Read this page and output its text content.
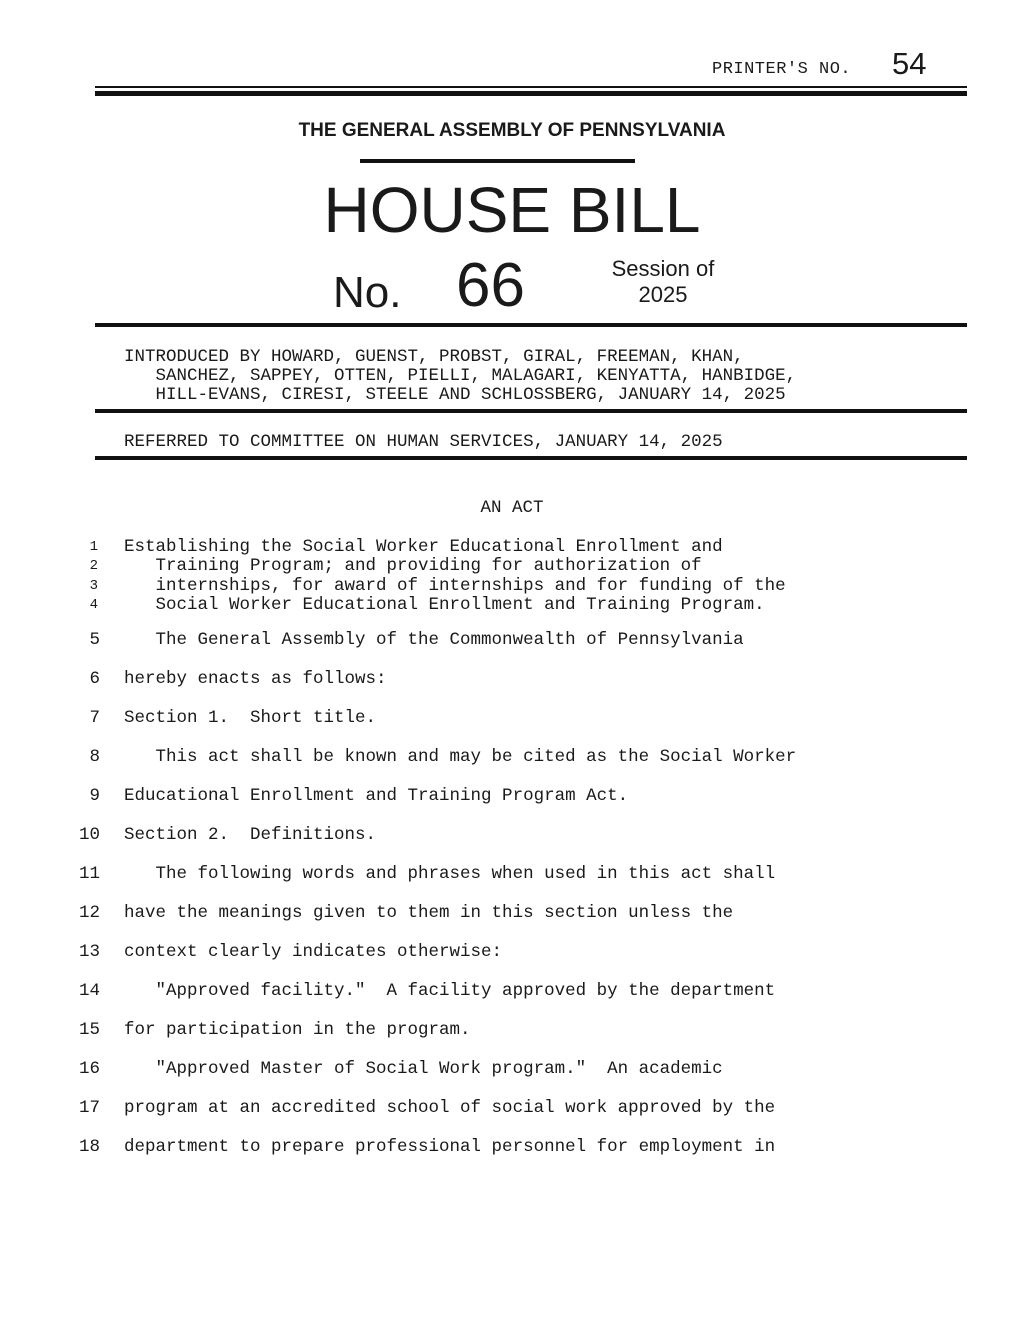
PRINTER'S NO. 54
THE GENERAL ASSEMBLY OF PENNSYLVANIA
HOUSE BILL
No. 66	Session of
2025
INTRODUCED BY HOWARD, GUENST, PROBST, GIRAL, FREEMAN, KHAN,
SANCHEZ, SAPPEY, OTTEN, PIELLI, MALAGARI, KENYATTA, HANBIDGE,
HILL-EVANS, CIRESI, STEELE AND SCHLOSSBERG, JANUARY 14, 2025
REFERRED TO COMMITTEE ON HUMAN SERVICES, JANUARY 14, 2025
AN ACT
1 Establishing the Social Worker Educational Enrollment and
2 Training Program; and providing for authorization of
3 internships, for award of internships and for funding of the
4 Social Worker Educational Enrollment and Training Program.
5 The General Assembly of the Commonwealth of Pennsylvania
6 hereby enacts as follows:
7 Section 1.  Short title.
8 This act shall be known and may be cited as the Social Worker
9 Educational Enrollment and Training Program Act.
10 Section 2.  Definitions.
11 The following words and phrases when used in this act shall
12 have the meanings given to them in this section unless the
13 context clearly indicates otherwise:
14 "Approved facility."  A facility approved by the department
15 for participation in the program.
16 "Approved Master of Social Work program."  An academic
17 program at an accredited school of social work approved by the
18 department to prepare professional personnel for employment in
